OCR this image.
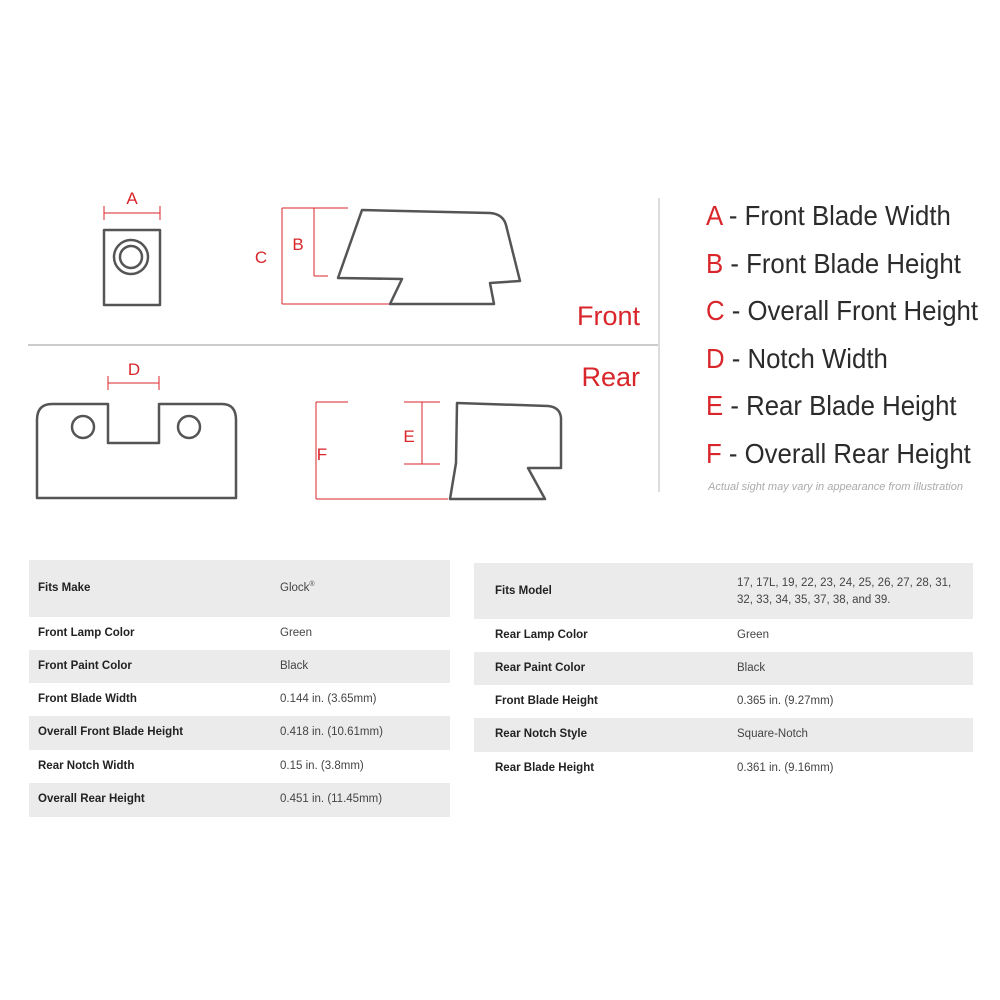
A
C
B
Front
Rear
D
F
E
A - Front Blade Width
B - Front Blade Height
C - Overall Front Height
D - Notch Width
E - Rear Blade Height
F - Overall Rear Height
Actual sight may vary in appearance from illustration
Fits Make	Glock®
Front Lamp Color	Green
Front Paint Color	Black
Front Blade Width	0.144 in. (3.65mm)
Overall Front Blade Height	0.418 in. (10.61mm)
Rear Notch Width	0.15 in. (3.8mm)
Overall Rear Height	0.451 in. (11.45mm)
Fits Model
17, 17L, 19, 22, 23, 24, 25, 26, 27, 28, 31,
32, 33, 34, 35, 37, 38, and 39.
Rear Lamp Color	Green
Rear Paint Color	Black
Front Blade Height	0.365 in. (9.27mm)
Rear Notch Style	Square-Notch
Rear Blade Height	0.361 in. (9.16mm)
